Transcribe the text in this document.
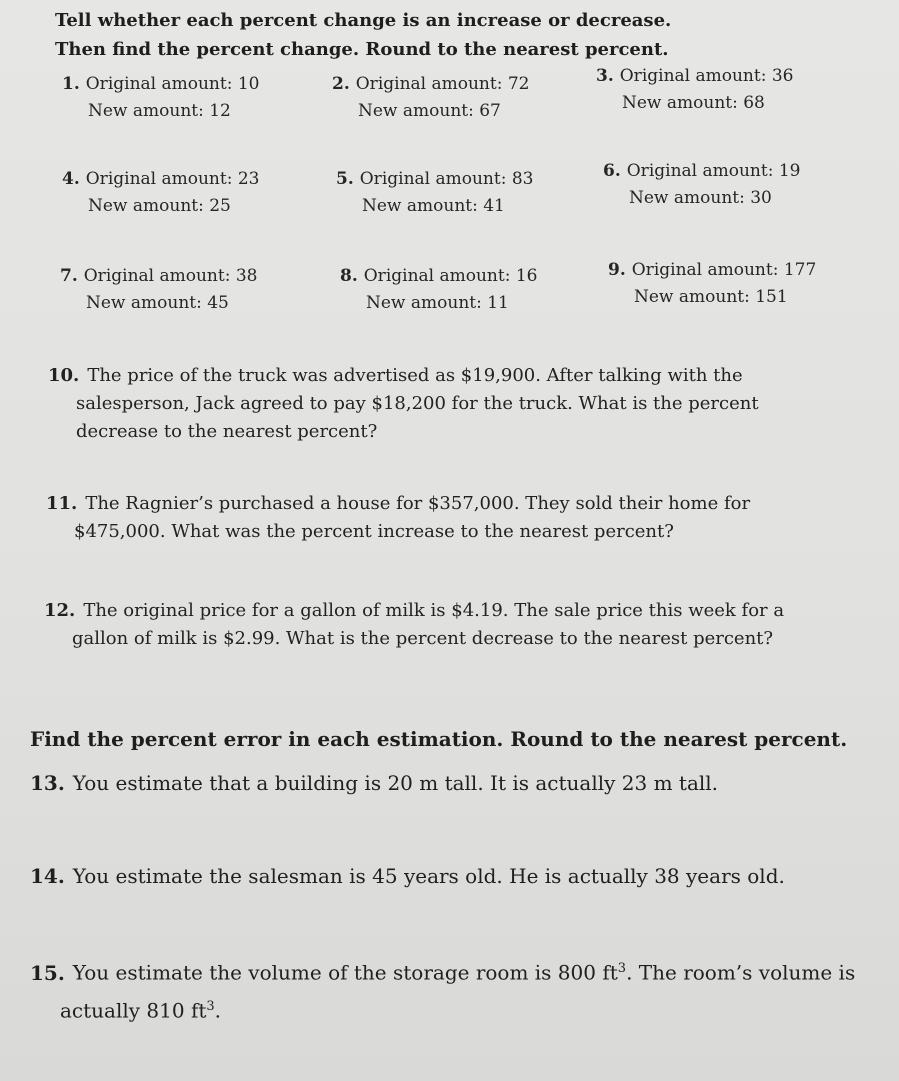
Tell whether each percent change is an increase or decrease. Then find the percent change. Round to the nearest percent.
1. Original amount: 10
New amount: 12
2. Original amount: 72
New amount: 67
3. Original amount: 36
New amount: 68
4. Original amount: 23
New amount: 25
5. Original amount: 83
New amount: 41
6. Original amount: 19
New amount: 30
7. Original amount: 38
New amount: 45
8. Original amount: 16
New amount: 11
9. Original amount: 177
New amount: 151
10. The price of the truck was advertised as $19,900. After talking with the
salesperson, Jack agreed to pay $18,200 for the truck. What is the percent
decrease to the nearest percent?
11. The Ragnier’s purchased a house for $357,000. They sold their home for
$475,000. What was the percent increase to the nearest percent?
12. The original price for a gallon of milk is $4.19. The sale price this week for a
gallon of milk is $2.99. What is the percent decrease to the nearest percent?
Find the percent error in each estimation. Round to the nearest percent.
13. You estimate that a building is 20 m tall. It is actually 23 m tall.
14. You estimate the salesman is 45 years old. He is actually 38 years old.
15. You estimate the volume of the storage room is 800 $ft^3$. The room’s volume is
actually 810 $ft^3$.
